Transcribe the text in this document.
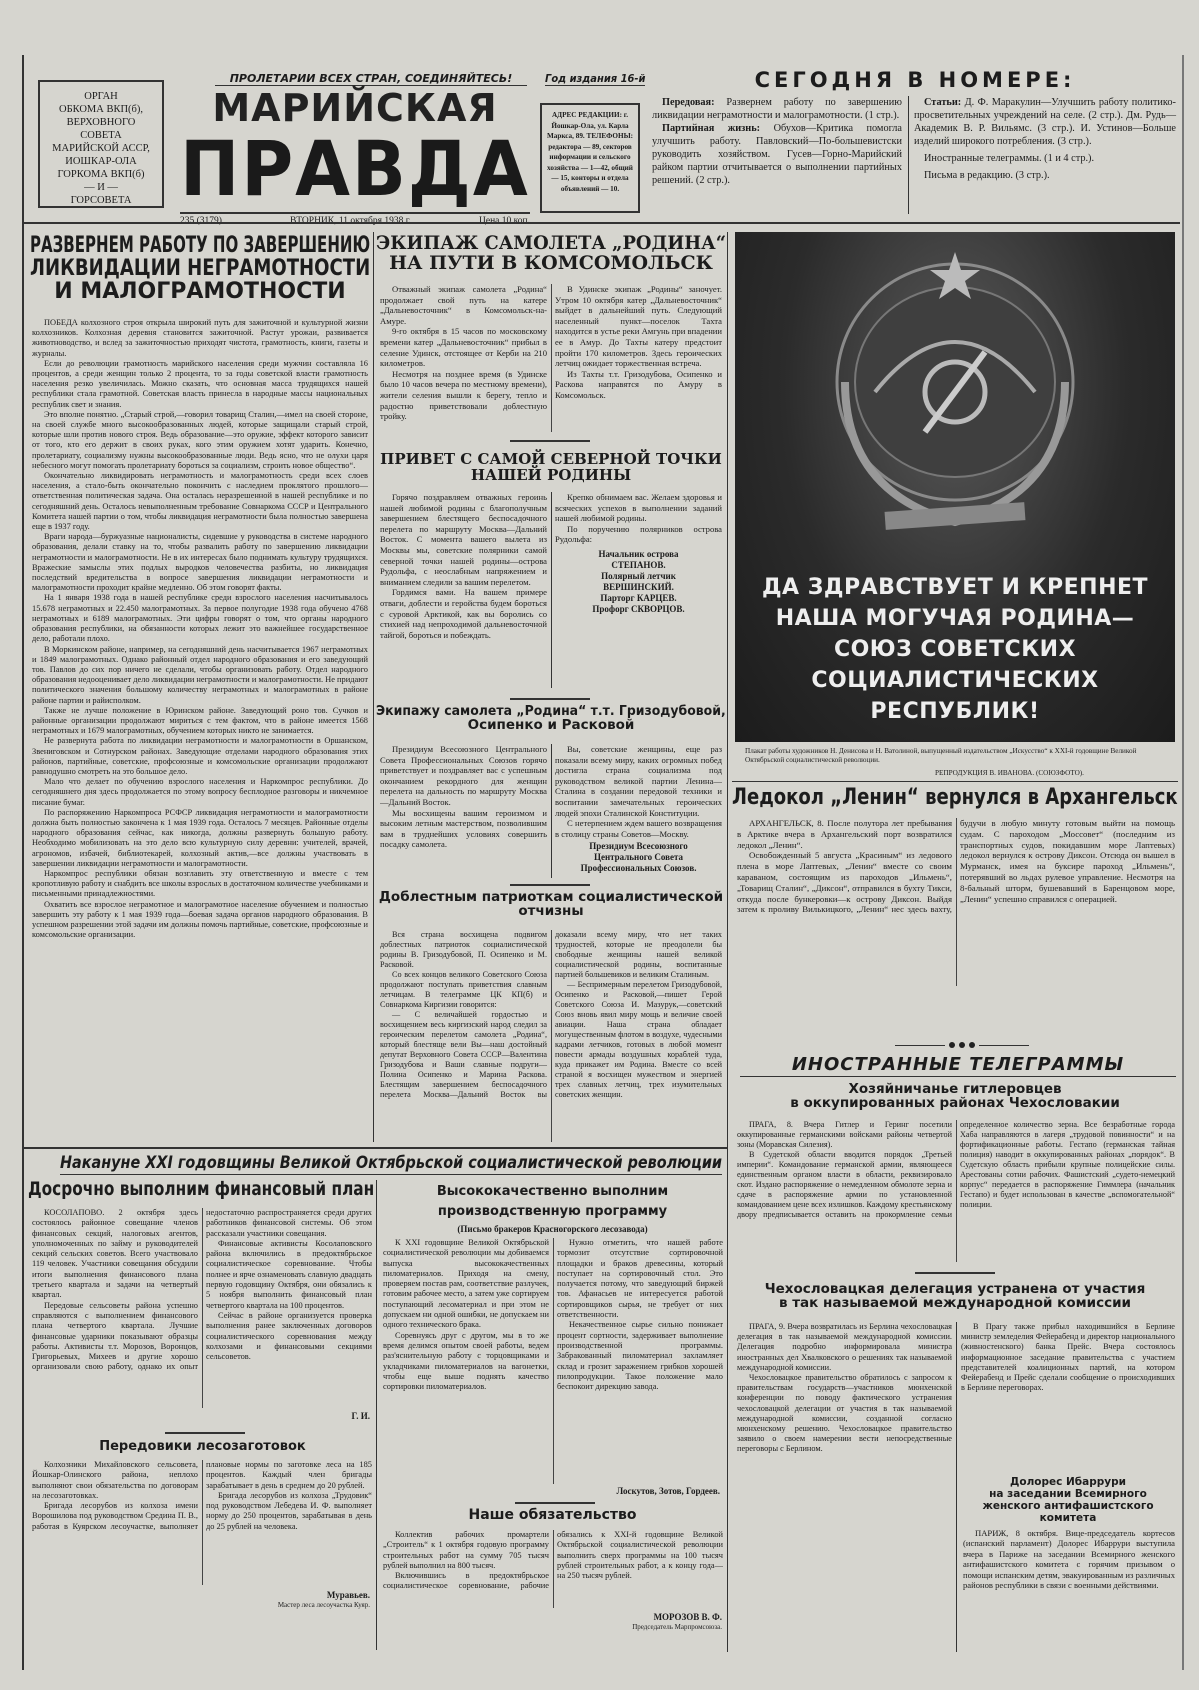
ОРГАН
ОБКОМА ВКП(б),
ВЕРХОВНОГО
СОВЕТА
МАРИЙСКОЙ АССР,
ИОШКАР-ОЛА
ГОРКОМА ВКП(б)
— И —
ГОРСОВЕТА
ПРОЛЕТАРИИ ВСЕХ СТРАН, СОЕДИНЯЙТЕСЬ!
МАРИЙСКАЯ
ПРАВДА
235 (3179)	ВТОРНИК, 11 октября 1938 г.	Цена 10 коп.
Год издания 16-й
АДРЕС РЕДАКЦИИ: г. Йошкар-Ола, ул. Карла Маркса, 89. ТЕЛЕФОНЫ: редактора — 89, секторов информации и сельского хозяйства — 1—42, общий — 15, конторы и отдела объявлений — 10.
СЕГОДНЯ В НОМЕРЕ:
Передовая: Развернем работу по завершению ликвидации неграмотности и малограмотности. (1 стр.).
Партийная жизнь: Обухов—Критика помогла улучшить работу. Павловский—По-большевистски руководить хозяйством. Гусев—Горно-Марийский райком партии отчитывается о выполнении партийных решений. (2 стр.).
Статьи: Д. Ф. Маракулин—Улучшить работу политико-просветительных учреждений на селе. (2 стр.). Дм. Рудь—Академик В. Р. Вильямс. (3 стр.). И. Устинов—Больше изделий широкого потребления. (3 стр.).
Иностранные телеграммы. (1 и 4 стр.).
Письма в редакцию. (3 стр.).
РАЗВЕРНЕМ РАБОТУ ПО ЗАВЕРШЕНИЮ
ЛИКВИДАЦИИ НЕГРАМОТНОСТИ
И МАЛОГРАМОТНОСТИ

ПОБЕДА колхозного строя открыла широкий путь для зажиточной и культурной жизни колхозников. Колхозная деревня становится зажиточной. Растут урожаи, развивается животноводство, и вслед за зажиточностью приходят чистота, грамотность, книги, газеты и журналы.

Если до революции грамотность марийского населения среди мужчин составляла 16 процентов, а среди женщин только 2 процента, то за годы советской власти грамотность населения резко увеличилась. Можно сказать, что основная масса трудящихся нашей республики стала грамотной. Советская власть принесла в народные массы национальных республик свет и знания.

Это вполне понятно. „Старый строй,—говорил товарищ Сталин,—имел на своей стороне, на своей службе много высокообразованных людей, которые защищали старый строй, которые шли против нового строя. Ведь образование—это оружие, эффект которого зависит от того, кто его держит в своих руках, кого этим оружием хотят ударить. Конечно, пролетариату, социализму нужны высокообразованные люди. Ведь ясно, что не олухи царя небесного могут помогать пролетариату бороться за социализм, строить новое общество“.

Окончательно ликвидировать неграмотность и малограмотность среди всех слоев населения, а стало-быть окончательно покончить с наследием проклятого прошлого—ответственная политическая задача. Она осталась неразрешенной в нашей республике и по сегодняшний день. Осталось невыполненным требование Совнаркома СССР и Центрального Комитета нашей партии о том, чтобы ликвидация неграмотности была полностью завершена еще в 1937 году.

Враги народа—буржуазные националисты, сидевшие у руководства в системе народного образования, делали ставку на то, чтобы развалить работу по завершению ликвидации неграмотности и малограмотности. Не в их интересах было поднимать культуру трудящихся. Вражеские замыслы этих подлых выродков человечества разбиты, но ликвидация последствий вредительства в вопросе завершения ликвидации неграмотности и малограмотности проходит крайне медленно. Об этом говорят факты.

На 1 января 1938 года в нашей республике среди взрослого населения насчитывалось 15.678 неграмотных и 22.450 малограмотных. За первое полугодие 1938 года обучено 4768 неграмотных и 6189 малограмотных. Эти цифры говорят о том, что органы народного образования республики, на обязанности которых лежит это важнейшее государственное дело, работали плохо.

В Моркинском районе, например, на сегодняшний день насчитывается 1967 неграмотных и 1849 малограмотных. Однако районный отдел народного образования и его заведующий тов. Павлов до сих пор ничего не сделали, чтобы организовать работу. Отдел народного образования недооценивает дело ликвидации неграмотности и малограмотности. Не придают политического значения большому количеству неграмотных и малограмотных в районе районе партии и райисполком.

Также не лучше положение в Юринском районе. Заведующий роно тов. Сучков и районные организации продолжают мириться с тем фактом, что в районе имеется 1568 неграмотных и 1679 малограмотных, обучением которых никто не занимается.

Не развернута работа по ликвидации неграмотности и малограмотности в Оршанском, Звениговском и Сотнурском районах. Заведующие отделами народного образования этих районов, партийные, советские, профсоюзные и комсомольские организации продолжают равнодушно смотреть на это большое дело.

Мало что делает по обучению взрослого населения и Наркомпрос республики. До сегодняшнего дня здесь продолжается по этому вопросу бесплодное разговоры и никчемное писание бумаг.

По распоряжению Наркомпроса РСФСР ликвидация неграмотности и малограмотности должна быть полностью закончена к 1 мая 1939 года. Осталось 7 месяцев. Районные отделы народного образования сейчас, как никогда, должны развернуть большую работу. Необходимо мобилизовать на это дело всю культурную силу деревни: учителей, врачей, агрономов, избачей, библиотекарей, колхозный актив,—все должны участвовать в завершении ликвидации неграмотности и малограмотности.

Наркомпрос республики обязан возглавить эту ответственную и вместе с тем кропотливую работу и снабдить все школы взрослых в достаточном количестве учебниками и письменными принадлежностями.

Охватить все взрослое неграмотное и малограмотное население обучением и полностью завершить эту работу к 1 мая 1939 года—боевая задача органов народного образования. В успешном разрешении этой задачи им должны помочь партийные, советские, профсоюзные и комсомольские организации.

ЭКИПАЖ САМОЛЕТА „РОДИНА“
НА ПУТИ В КОМСОМОЛЬСК

Отважный экипаж самолета „Родина“ продолжает свой путь на катере „Дальневосточник“ в Комсомольск-на-Амуре.

9-го октября в 15 часов по московскому времени катер „Дальневосточник“ прибыл в селение Удинск, отстоящее от Керби на 210 километров.

Несмотря на позднее время (в Удинске было 10 часов вечера по местному времени), жители селения вышли к берегу, тепло и радостно приветствовали доблестную тройку.

В Удинске экипаж „Родины“ заночует. Утром 10 октября катер „Дальневосточник“ выйдет в дальнейший путь. Следующий населенный пункт—поселок Тахта находится в устье реки Амгунь при впадении ее в Амур. До Тахты катеру предстоит пройти 170 километров. Здесь героических летчиц ожидает торжественная встреча.

Из Тахты т.т. Гризодубова, Осипенко и Раскова направятся по Амуру в Комсомольск.

ПРИВЕТ С САМОЙ СЕВЕРНОЙ ТОЧКИ
НАШЕЙ РОДИНЫ

Горячо поздравляем отважных героинь нашей любимой родины с благополучным завершением блестящего беспосадочного перелета по маршруту Москва—Дальний Восток. С момента вашего вылета из Москвы мы, советские полярники самой северной точки нашей родины—острова Рудольфа, с неослабным напряжением и вниманием следили за вашим перелетом.

Гордимся вами. На вашем примере отваги, доблести и геройства будем бороться с суровой Арктикой, как вы боролись со стихией над непроходимой дальневосточной тайгой, бороться и побеждать.

Крепко обнимаем вас. Желаем здоровья и всяческих успехов в выполнении заданий нашей любимой родины.

По поручению полярников острова Рудольфа:

Начальник острова
СТЕПАНОВ.
Полярный летчик
ВЕРШИНСКИЙ.
Парторг КАРЦЕВ.
Профорг СКВОРЦОВ.
Экипажу самолета „Родина“ т.т. Гризодубовой,
Осипенко и Расковой

Президиум Всесоюзного Центрального Совета Профессиональных Союзов горячо приветствует и поздравляет вас с успешным окончанием рекордного для женщин перелета на дальность по маршруту Москва—Дальний Восток.

Мы восхищены вашим героизмом и высоким летным мастерством, позволившим вам в труднейших условиях совершить посадку самолета.

Вы, советские женщины, еще раз показали всему миру, каких огромных побед достигла страна социализма под руководством великой партии Ленина—Сталина в создании передовой техники и воспитании замечательных героических людей эпохи Сталинской Конституции.

С нетерпением ждем вашего возвращения в столицу страны Советов—Москву.

Президиум Всесоюзного
Центрального Совета
Профессиональных Союзов.
Доблестным патриоткам социалистической
отчизны

Вся страна восхищена подвигом доблестных патриоток социалистической родины В. Гризодубовой, П. Осипенко и М. Расковой.

Со всех концов великого Советского Союза продолжают поступать приветствия славным летчицам. В телеграмме ЦК КП(б) и Совнаркома Киргизии говорится:

— С величайшей гордостью и восхищением весь киргизский народ следил за героическим перелетом самолета „Родина“, который блестяще вели Вы—наш достойный депутат Верховного Совета СССР—Валентина Гризодубова и Ваши славные подруги—Полина Осипенко и Марина Раскова. Блестящим завершением беспосадочного перелета Москва—Дальний Восток вы доказали всему миру, что нет таких трудностей, которые не преодолели бы свободные женщины нашей великой социалистической родины, воспитанные партией большевиков и великим Сталиным.

— Беспримерным перелетом Гризодубовой, Осипенко и Расковой,—пишет Герой Советского Союза И. Мазурук,—советский Союз вновь явил миру мощь и величие своей авиации. Наша страна обладает могущественным флотом в воздухе, чудесными кадрами летчиков, готовых в любой момент повести армады воздушных кораблей туда, куда прикажет им Родина. Вместе со всей страной я восхищен мужеством и энергией трех славных летчиц, трех изумительных советских женщин.

ДА ЗДРАВСТВУЕТ И КРЕПНЕТ
НАША МОГУЧАЯ РОДИНА—
СОЮЗ СОВЕТСКИХ
СОЦИАЛИСТИЧЕСКИХ
РЕСПУБЛИК!
Плакат работы художников Н. Денисова и Н. Ватолиной, выпущенный издательством „Искусство“ к XXI-й годовщине Великой Октябрьской социалистической революции.
РЕПРОДУКЦИЯ В. ИВАНОВА. (СОЮЗФОТО).
Ледокол „Ленин“ вернулся в Архангельск

АРХАНГЕЛЬСК, 8. После полутора лет пребывания в Арктике вчера в Архангельский порт возвратился ледокол „Ленин“.

Освобожденный 5 августа „Красиным“ из ледового плена в море Лаптевых, „Ленин“ вместе со своим караваном, состоящим из пароходов „Ильмень“, „Товарищ Сталин“, „Диксон“, отправился в бухту Тикси, откуда после бункеровки—к острову Диксон. Выйдя затем к проливу Вилькицкого, „Ленин“ нес здесь вахту, будучи в любую минуту готовым выйти на помощь судам. С пароходом „Моссовет“ (последним из транспортных судов, покидавшим море Лаптевых) ледокол вернулся к острову Диксон. Отсюда он вышел в Мурманск, имея на буксире пароход „Ильмень“, потерявший во льдах рулевое управление. Несмотря на 8-бальный шторм, бушевавший в Баренцовом море, „Ленин“ успешно справился с операцией.

ИНОСТРАННЫЕ ТЕЛЕГРАММЫ
Хозяйничанье гитлеровцев
в оккупированных районах Чехословакии

ПРАГА, 8. Вчера Гитлер и Геринг посетили оккупированные германскими войсками районы четвертой зоны (Моравская Силезия).

В Судетской области вводится порядок „Третьей империи“. Командование германской армии, являющееся единственным органом власти в области, реквизировало скот. Издано распоряжение о немедленном обмолоте зерна и сдаче в распоряжение армии по установленной командованием цене всех излишков. Каждому крестьянскому двору предписывается оставить на прокормление семьи определенное количество зерна. Все безработные города Хаба направляются в лагеря „трудовой повинности“ и на фортификационные работы. Гестапо (германская тайная полиция) наводит в оккупированных районах „порядок“. В Судетскую область прибыли крупные полицейские силы. Арестованы сотни рабочих. Фашистский „судето-немецкий корпус“ передается в распоряжение Гиммлера (начальник Гестапо) и будет использован в качестве „вспомогательной“ полиции.

Чехословацкая делегация устранена от участия
в так называемой международной комиссии

ПРАГА, 9. Вчера возвратилась из Берлина чехословацкая делегация в так называемой международной комиссии. Делегация подробно информировала министра иностранных дел Хвалковского о решениях так называемой международной комиссии.

Чехословацкое правительство обратилось с запросом к правительствам государств—участников мюнхенской конференции по поводу фактического устранения чехословацкой делегации от участия в так называемой международной комиссии, созданной согласно мюнхенскому решению. Чехословацкое правительство заявило о своем намерении вести непосредственные переговоры с Берлином.

В Прагу также прибыл находившийся в Берлине министр земледелия Фейерабенд и директор национального (живностенского) банка Прейс. Вчера состоялось информационное заседание правительства с участием представителей коалиционных партий, на котором Фейерабенд и Прейс сделали сообщение о происходивших в Берлине переговорах.

Долорес Ибаррури
на заседании Всемирного
женского антифашистского
комитета

ПАРИЖ, 8 октября. Вице-председатель кортесов (испанский парламент) Долорес Ибаррури выступила вчера в Париже на заседании Всемирного женского антифашистского комитета с горячим призывом о помощи испанским детям, эвакуированным из различных районов республики в связи с военными действиями.

Накануне XXI годовщины Великой Октябрьской социалистической революции
Досрочно выполним финансовый план

КОСОЛАПОВО. 2 октября здесь состоялось районное совещание членов финансовых секций, налоговых агентов, уполномоченных по займу и руководителей секций сельских советов. Всего участвовало 119 человек. Участники совещания обсудили итоги выполнения финансового плана третьего квартала и задачи на четвертый квартал.

Передовые сельсоветы района успешно справляются с выполнением финансового плана четвертого квартала. Лучшие финансовые ударники показывают образцы работы. Активисты т.т. Морозов, Воронцов, Григорьевых, Михеев и другие хорошо организовали свою работу, однако их опыт недостаточно распространяется среди других работников финансовой системы. Об этом рассказали участники совещания.

Финансовые активисты Косолаповского района включились в предоктябрьское социалистическое соревнование. Чтобы полнее и ярче ознаменовать славную двадцать первую годовщину Октября, они обязались к 5 ноября выполнить финансовый план четвертого квартала на 100 процентов.

Сейчас в районе организуется проверка выполнения ранее заключенных договоров социалистического соревнования между колхозами и финансовыми секциями сельсоветов.

Г. И.
Передовики лесозаготовок

Колхозники Михайловского сельсовета, Йошкар-Олинского района, неплохо выполняют свои обязательства по договорам на лесозаготовках.

Бригада лесорубов из колхоза имени Ворошилова под руководством Средина П. В., работая в Куярском лесоучастке, выполняет плановые нормы по заготовке леса на 185 процентов. Каждый член бригады зарабатывает в день в среднем до 20 рублей.

Бригада лесорубов из колхоза „Трудовик“ под руководством Лебедева И. Ф. выполняет норму до 250 процентов, зарабатывая в день до 25 рублей на человека.

Муравьев.
Мастер леса лесоучастка Куяр.
Высококачественно выполним
производственную программу
(Письмо бракеров Красногорского лесозавода)

К XXI годовщине Великой Октябрьской социалистической революции мы добиваемся выпуска высококачественных пиломатериалов. Приходя на смену, проверяем постав рам, соответствие разлучек, готовим рабочее место, а затем уже сортируем поступающий лесоматериал и при этом не допускаем ни одной ошибки, не допускаем ни одного технического брака.

Соревнуясь друг с другом, мы в то же время делимся опытом своей работы, ведем раз'яснительную работу с торцовщиками и укладчиками пиломатериалов на вагонетки, чтобы еще выше поднять качество сортировки пиломатериалов.

Нужно отметить, что нашей работе тормозит отсутствие сортировочной площадки и браков древесины, который поступает на сортировочный стол. Это получается потому, что заведующий биржей тов. Афанасьев не интересуется работой сортировщиков сырья, не требует от них ответственности.

Некачественное сырье сильно понижает процент сортности, задерживает выполнение производственной программы. Забракованный пиломатериал захламляет склад и грозит заражением грибков хорошей пилопродукции. Такое положение мало беспокоит дирекцию завода.

Лоскутов, Зотов, Гордеев.
Наше обязательство

Коллектив рабочих промартели „Строитель“ к 1 октября годовую программу строительных работ на сумму 705 тысяч рублей выполнил на 800 тысяч.

Включившись в предоктябрьское социалистическое соревнование, рабочие обязались к XXI-й годовщине Великой Октябрьской социалистической революции выполнить сверх программы на 100 тысяч рублей строительных работ, а к концу года—на 250 тысяч рублей.

МОРОЗОВ В. Ф.
Председатель Марпромсоюза.
